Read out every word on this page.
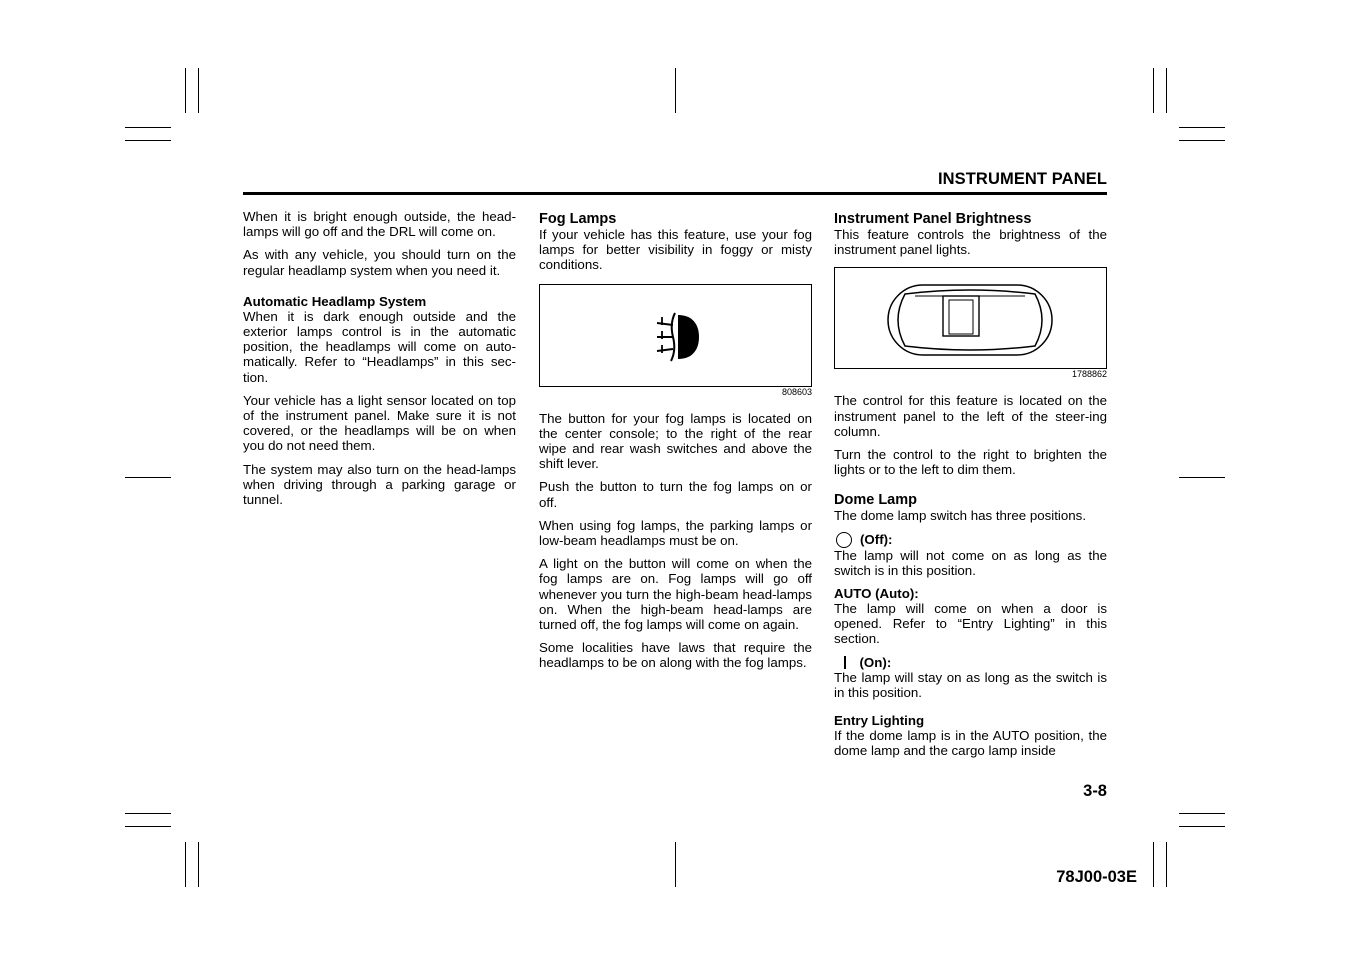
INSTRUMENT PANEL

When it is bright enough outside, the head-lamps will go off and the DRL will come on.

As with any vehicle, you should turn on the regular headlamp system when you need it.

Automatic Headlamp System

When it is dark enough outside and the exterior lamps control is in the automatic position, the headlamps will come on auto-matically. Refer to “Headlamps” in this sec-tion.

Your vehicle has a light sensor located on top of the instrument panel. Make sure it is not covered, or the headlamps will be on when you do not need them.

The system may also turn on the head-lamps when driving through a parking garage or tunnel.

Fog Lamps

If your vehicle has this feature, use your fog lamps for better visibility in foggy or misty conditions.

808603

The button for your fog lamps is located on the center console; to the right of the rear wipe and rear wash switches and above the shift lever.

Push the button to turn the fog lamps on or off.

When using fog lamps, the parking lamps or low-beam headlamps must be on.

A light on the button will come on when the fog lamps are on. Fog lamps will go off whenever you turn the high-beam head-lamps on. When the high-beam head-lamps are turned off, the fog lamps will come on again.

Some localities have laws that require the headlamps to be on along with the fog lamps.

Instrument Panel Brightness

This feature controls the brightness of the instrument panel lights.

1788862

The control for this feature is located on the instrument panel to the left of the steer-ing column.

Turn the control to the right to brighten the lights or to the left to dim them.

Dome Lamp

The dome lamp switch has three positions.

(Off):

The lamp will not come on as long as the switch is in this position.

AUTO (Auto):

The lamp will come on when a door is opened. Refer to “Entry Lighting” in this section.

(On):

The lamp will stay on as long as the switch is in this position.

Entry Lighting

If the dome lamp is in the AUTO position, the dome lamp and the cargo lamp inside

3-8
78J00-03E
